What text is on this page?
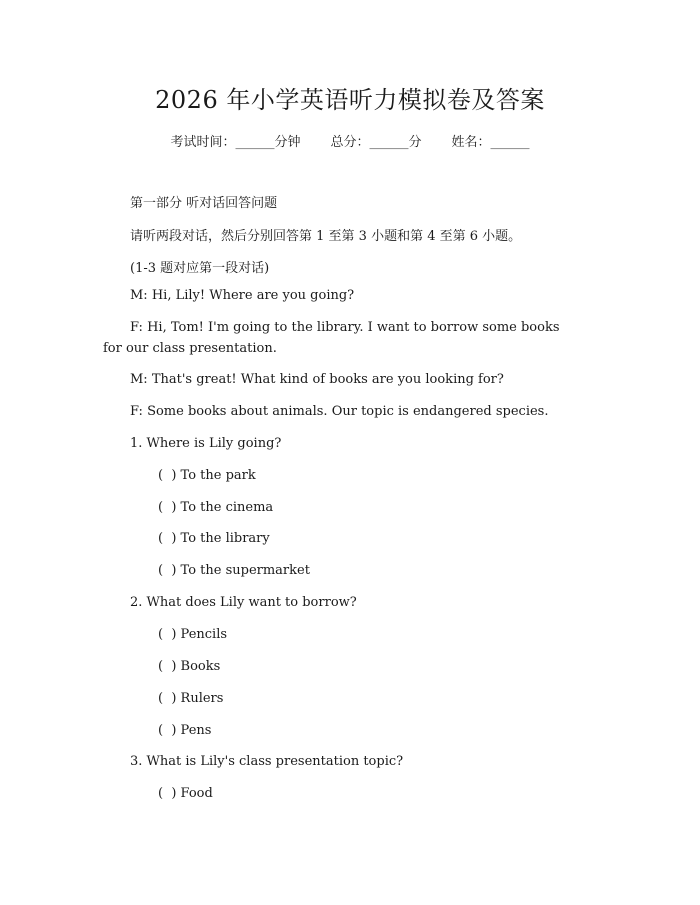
2026 年小学英语听力模拟卷及答案
考试时间：______分钟 总分：______分 姓名：______

第一部分 听对话回答问题

请听两段对话，然后分别回答第 1 至第 3 小题和第 4 至第 6 小题。

(1-3 题对应第一段对话)

M: Hi, Lily! Where are you going?

F: Hi, Tom! I'm going to the library. I want to borrow some books

for our class presentation.

M: That's great! What kind of books are you looking for?

F: Some books about animals. Our topic is endangered species.

1. Where is Lily going?

(  ) To the park

(  ) To the cinema

(  ) To the library

(  ) To the supermarket

2. What does Lily want to borrow?

(  ) Pencils

(  ) Books

(  ) Rulers

(  ) Pens

3. What is Lily's class presentation topic?

(  ) Food
